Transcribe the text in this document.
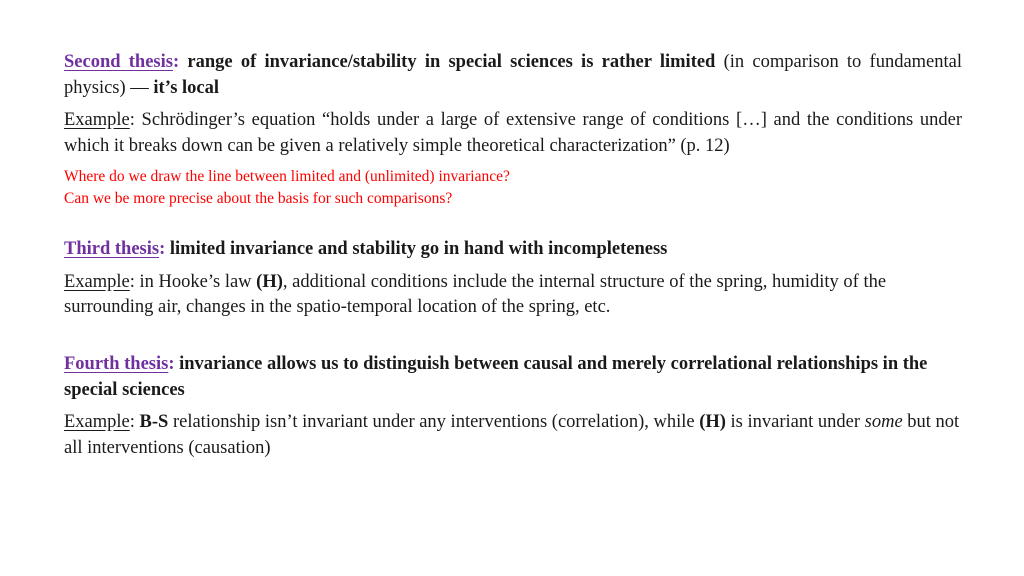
Second thesis: range of invariance/stability in special sciences is rather limited (in comparison to fundamental physics) — it’s local

Example: Schrödinger’s equation “holds under a large of extensive range of conditions […] and the conditions under which it breaks down can be given a relatively simple theoretical characterization” (p. 12)

Where do we draw the line between limited and (unlimited) invariance?

Can we be more precise about the basis for such comparisons?

Third thesis: limited invariance and stability go in hand with incompleteness

Example: in Hooke’s law (H), additional conditions include the internal structure of the spring, humidity of the surrounding air, changes in the spatio-temporal location of the spring, etc.

Fourth thesis: invariance allows us to distinguish between causal and merely correlational relationships in the special sciences

Example: B-S relationship isn’t invariant under any interventions (correlation), while (H) is invariant under some but not all interventions (causation)
